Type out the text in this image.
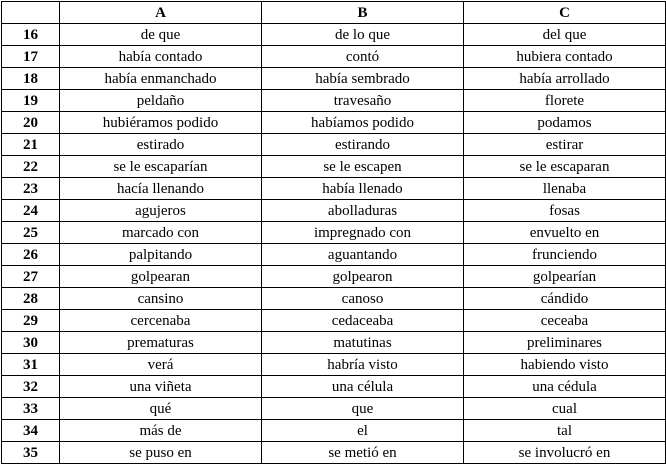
	A	B	C
16	de que	de lo que	del que
17	había contado	contó	hubiera contado
18	había enmanchado	había sembrado	había arrollado
19	peldaño	travesaño	florete
20	hubiéramos podido	habíamos podido	podamos
21	estirado	estirando	estirar
22	se le escaparían	se le escapen	se le escaparan
23	hacía llenando	había llenado	llenaba
24	agujeros	abolladuras	fosas
25	marcado con	impregnado con	envuelto en
26	palpitando	aguantando	frunciendo
27	golpearan	golpearon	golpearían
28	cansino	canoso	cándido
29	cercenaba	cedaceaba	ceceaba
30	prematuras	matutinas	preliminares
31	verá	habría visto	habiendo visto
32	una viñeta	una célula	una cédula
33	qué	que	cual
34	más de	el	tal
35	se puso en	se metió en	se involucró en
